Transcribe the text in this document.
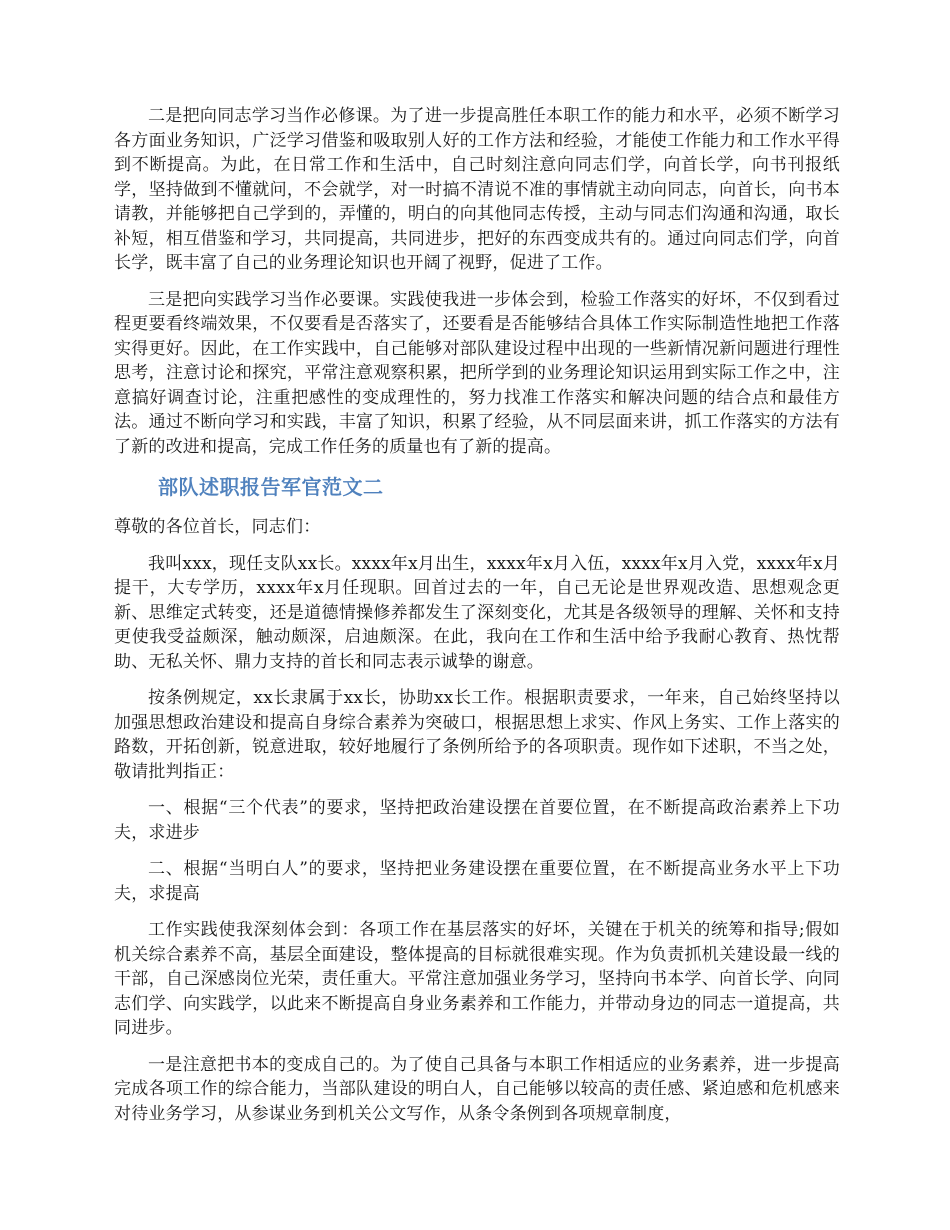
二是把向同志学习当作必修课。为了进一步提高胜任本职工作的能力和水平，必须不断学习各方面业务知识，广泛学习借鉴和吸取别人好的工作方法和经验，才能使工作能力和工作水平得到不断提高。为此，在日常工作和生活中，自己时刻注意向同志们学，向首长学，向书刊报纸学，坚持做到不懂就问，不会就学，对一时搞不清说不准的事情就主动向同志，向首长，向书本请教，并能够把自己学到的，弄懂的，明白的向其他同志传授，主动与同志们沟通和沟通，取长补短，相互借鉴和学习，共同提高，共同进步，把好的东西变成共有的。通过向同志们学，向首长学，既丰富了自己的业务理论知识也开阔了视野，促进了工作。

三是把向实践学习当作必要课。实践使我进一步体会到，检验工作落实的好坏，不仅到看过程更要看终端效果，不仅要看是否落实了，还要看是否能够结合具体工作实际制造性地把工作落实得更好。因此，在工作实践中，自己能够对部队建设过程中出现的一些新情况新问题进行理性思考，注意讨论和探究，平常注意观察积累，把所学到的业务理论知识运用到实际工作之中，注意搞好调查讨论，注重把感性的变成理性的，努力找准工作落实和解决问题的结合点和最佳方法。通过不断向学习和实践，丰富了知识，积累了经验，从不同层面来讲，抓工作落实的方法有了新的改进和提高，完成工作任务的质量也有了新的提高。

部队述职报告军官范文二

尊敬的各位首长，同志们：

我叫xxx，现任支队xx长。xxxx年x月出生，xxxx年x月入伍，xxxx年x月入党，xxxx年x月提干，大专学历，xxxx年x月任现职。回首过去的一年，自己无论是世界观改造、思想观念更新、思维定式转变，还是道德情操修养都发生了深刻变化，尤其是各级领导的理解、关怀和支持更使我受益颇深，触动颇深，启迪颇深。在此，我向在工作和生活中给予我耐心教育、热忱帮助、无私关怀、鼎力支持的首长和同志表示诚挚的谢意。

按条例规定，xx长隶属于xx长，协助xx长工作。根据职责要求，一年来，自己始终坚持以加强思想政治建设和提高自身综合素养为突破口，根据思想上求实、作风上务实、工作上落实的路数，开拓创新，锐意进取，较好地履行了条例所给予的各项职责。现作如下述职，不当之处，敬请批判指正：

一、根据“三个代表”的要求，坚持把政治建设摆在首要位置，在不断提高政治素养上下功夫，求进步

二、根据“当明白人”的要求，坚持把业务建设摆在重要位置，在不断提高业务水平上下功夫，求提高

工作实践使我深刻体会到：各项工作在基层落实的好坏，关键在于机关的统筹和指导;假如机关综合素养不高，基层全面建设，整体提高的目标就很难实现。作为负责抓机关建设最一线的干部，自己深感岗位光荣，责任重大。平常注意加强业务学习，坚持向书本学、向首长学、向同志们学、向实践学，以此来不断提高自身业务素养和工作能力，并带动身边的同志一道提高，共同进步。

一是注意把书本的变成自己的。为了使自己具备与本职工作相适应的业务素养，进一步提高完成各项工作的综合能力，当部队建设的明白人，自己能够以较高的责任感、紧迫感和危机感来对待业务学习，从参谋业务到机关公文写作，从条令条例到各项规章制度，
